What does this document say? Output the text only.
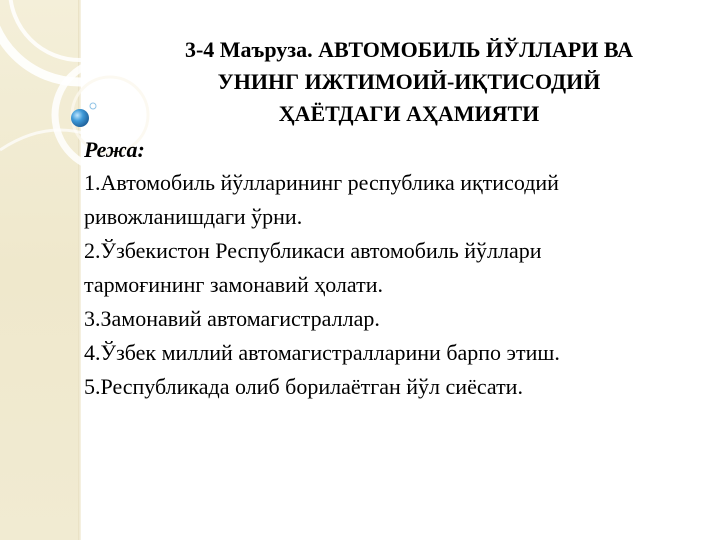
3-4 Маъруза. АВТОМОБИЛЬ ЙЎЛЛАРИ ВА
УНИНГ ИЖТИМОИЙ-ИҚТИСОДИЙ
ҲАЁТДАГИ АҲАМИЯТИ
Режа:
1.Автомобиль йўлларининг республика иқтисодий
ривожланишдаги ўрни.
2.Ўзбекистон Республикаси автомобиль йўллари
тармоғининг замонавий ҳолати.
3.Замонавий автомагистраллар.
4.Ўзбек миллий автомагистралларини барпо этиш.
5.Республикада олиб борилаётган йўл сиёсати.
